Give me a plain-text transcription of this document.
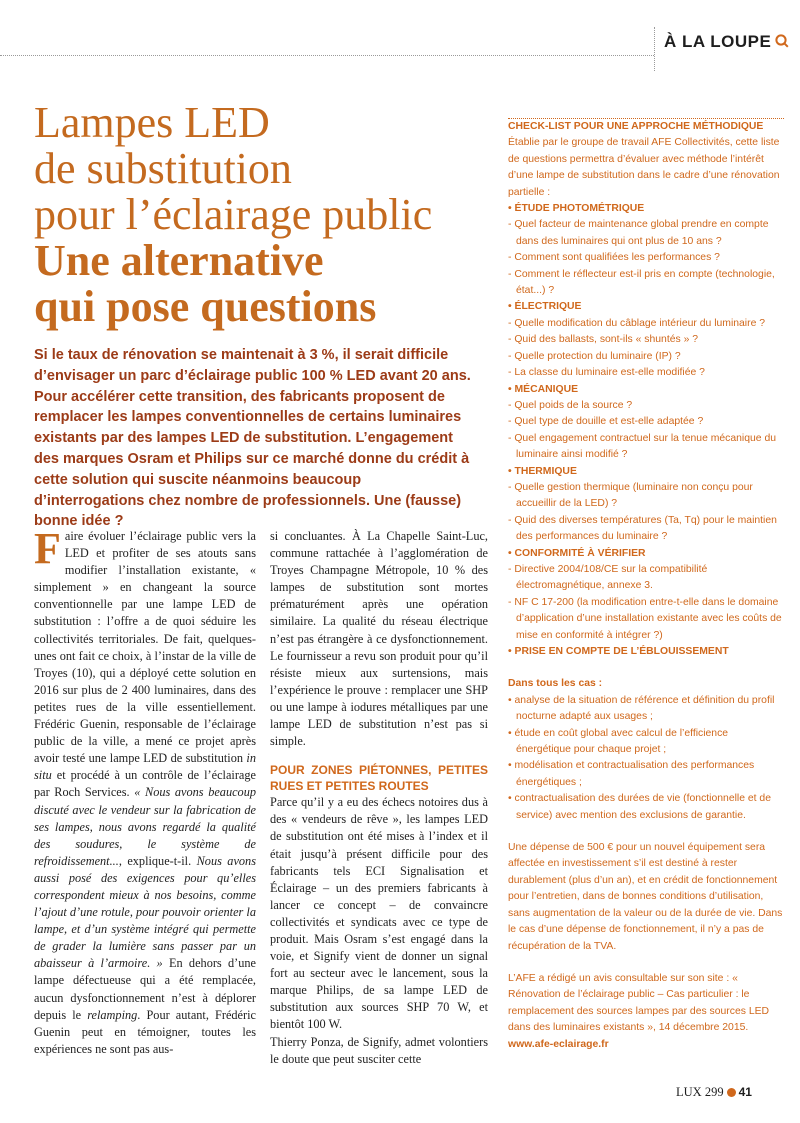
À LA LOUPE
Lampes LED
de substitution
pour l’éclairage public
Une alternative
qui pose questions
Si le taux de rénovation se maintenait à 3 %, il serait difficile d’envisager un parc d’éclairage public 100 % LED avant 20 ans. Pour accélérer cette transition, des fabricants proposent de remplacer les lampes conventionnelles de certains luminaires existants par des lampes LED de substitution. L’engagement des marques Osram et Philips sur ce marché donne du crédit à cette solution qui suscite néanmoins beaucoup d’interrogations chez nombre de professionnels. Une (fausse) bonne idée ?

Faire évoluer l’éclairage public vers la LED et profiter de ses atouts sans modifier l’installation existante, « simplement » en changeant la source conventionnelle par une lampe LED de substitution : l’offre a de quoi séduire les collectivités territoriales. De fait, quelques-unes ont fait ce choix, à l’instar de la ville de Troyes (10), qui a déployé cette solution en 2016 sur plus de 2 400 luminaires, dans des petites rues de la ville essentiellement. Frédéric Guenin, responsable de l’éclairage public de la ville, a mené ce projet après avoir testé une lampe LED de substitution in situ et procédé à un contrôle de l’éclairage par Roch Services. « Nous avons beaucoup discuté avec le vendeur sur la fabrication de ses lampes, nous avons regardé la qualité des soudures, le système de refroidissement..., explique-t-il. Nous avons aussi posé des exigences pour qu’elles correspondent mieux à nos besoins, comme l’ajout d’une rotule, pour pouvoir orienter la lampe, et d’un système intégré qui permette de grader la lumière sans passer par un abaisseur à l’armoire. » En dehors d’une lampe défectueuse qui a été remplacée, aucun dysfonctionnement n’est à déplorer depuis le relamping. Pour autant, Frédéric Guenin peut en témoigner, toutes les expériences ne sont pas aus-

si concluantes. À La Chapelle Saint-Luc, commune rattachée à l’agglomération de Troyes Champagne Métropole, 10 % des lampes de substitution sont mortes prématurément après une opération similaire. La qualité du réseau électrique n’est pas étrangère à ce dysfonctionnement. Le fournisseur a revu son produit pour qu’il résiste mieux aux surtensions, mais l’expérience le prouve : remplacer une SHP ou une lampe à iodures métalliques par une lampe LED de substitution n’est pas si simple.

POUR ZONES PIÉTONNES, PETITES RUES ET PETITES ROUTES

Parce qu’il y a eu des échecs notoires dus à des « vendeurs de rêve », les lampes LED de substitution ont été mises à l’index et il était jusqu’à présent difficile pour des fabricants tels ECI Signalisation et Éclairage – un des premiers fabricants à lancer ce concept – de convaincre collectivités et syndicats avec ce type de produit. Mais Osram s’est engagé dans la voie, et Signify vient de donner un signal fort au secteur avec le lancement, sous la marque Philips, de sa lampe LED de substitution aux sources SHP 70 W, et bientôt 100 W.

Thierry Ponza, de Signify, admet volontiers le doute que peut susciter cette

CHECK-LIST POUR UNE APPROCHE MÉTHODIQUE
Établie par le groupe de travail AFE Collectivités, cette liste de questions permettra d’évaluer avec méthode l’intérêt d’une lampe de substitution dans le cadre d’une rénovation partielle :
• ÉTUDE PHOTOMÉTRIQUE
- Quel facteur de maintenance global prendre en compte dans des luminaires qui ont plus de 10 ans ?
- Comment sont qualifiées les performances ?
- Comment le réflecteur est-il pris en compte (technologie, état...) ?
• ÉLECTRIQUE
- Quelle modification du câblage intérieur du luminaire ?
- Quid des ballasts, sont-ils « shuntés » ?
- Quelle protection du luminaire (IP) ?
- La classe du luminaire est-elle modifiée ?
• MÉCANIQUE
- Quel poids de la source ?
- Quel type de douille et est-elle adaptée ?
- Quel engagement contractuel sur la tenue mécanique du luminaire ainsi modifié ?
• THERMIQUE
- Quelle gestion thermique (luminaire non conçu pour accueillir de la LED) ?
- Quid des diverses températures (Ta, Tq) pour le maintien des performances du luminaire ?
• CONFORMITÉ À VÉRIFIER
- Directive 2004/108/CE sur la compatibilité électromagnétique, annexe 3.
- NF C 17-200 (la modification entre-t-elle dans le domaine d’application d’une installation existante avec les coûts de mise en conformité à intégrer ?)
• PRISE EN COMPTE DE L’ÉBLOUISSEMENT
Dans tous les cas :
• analyse de la situation de référence et définition du profil nocturne adapté aux usages ;
• étude en coût global avec calcul de l’efficience énergétique pour chaque projet ;
• modélisation et contractualisation des performances énergétiques ;
• contractualisation des durées de vie (fonctionnelle et de service) avec mention des exclusions de garantie.
Une dépense de 500 € pour un nouvel équipement sera affectée en investissement s’il est destiné à rester durablement (plus d’un an), et en crédit de fonctionnement pour l’entretien, dans de bonnes conditions d’utilisation, sans augmentation de la valeur ou de la durée de vie. Dans le cas d’une dépense de fonctionnement, il n’y a pas de récupération de la TVA.
L’AFE a rédigé un avis consultable sur son site : « Rénovation de l’éclairage public – Cas particulier : le remplacement des sources lampes par des sources LED dans des luminaires existants », 14 décembre 2015.
www.afe-eclairage.fr
LUX 299 41
